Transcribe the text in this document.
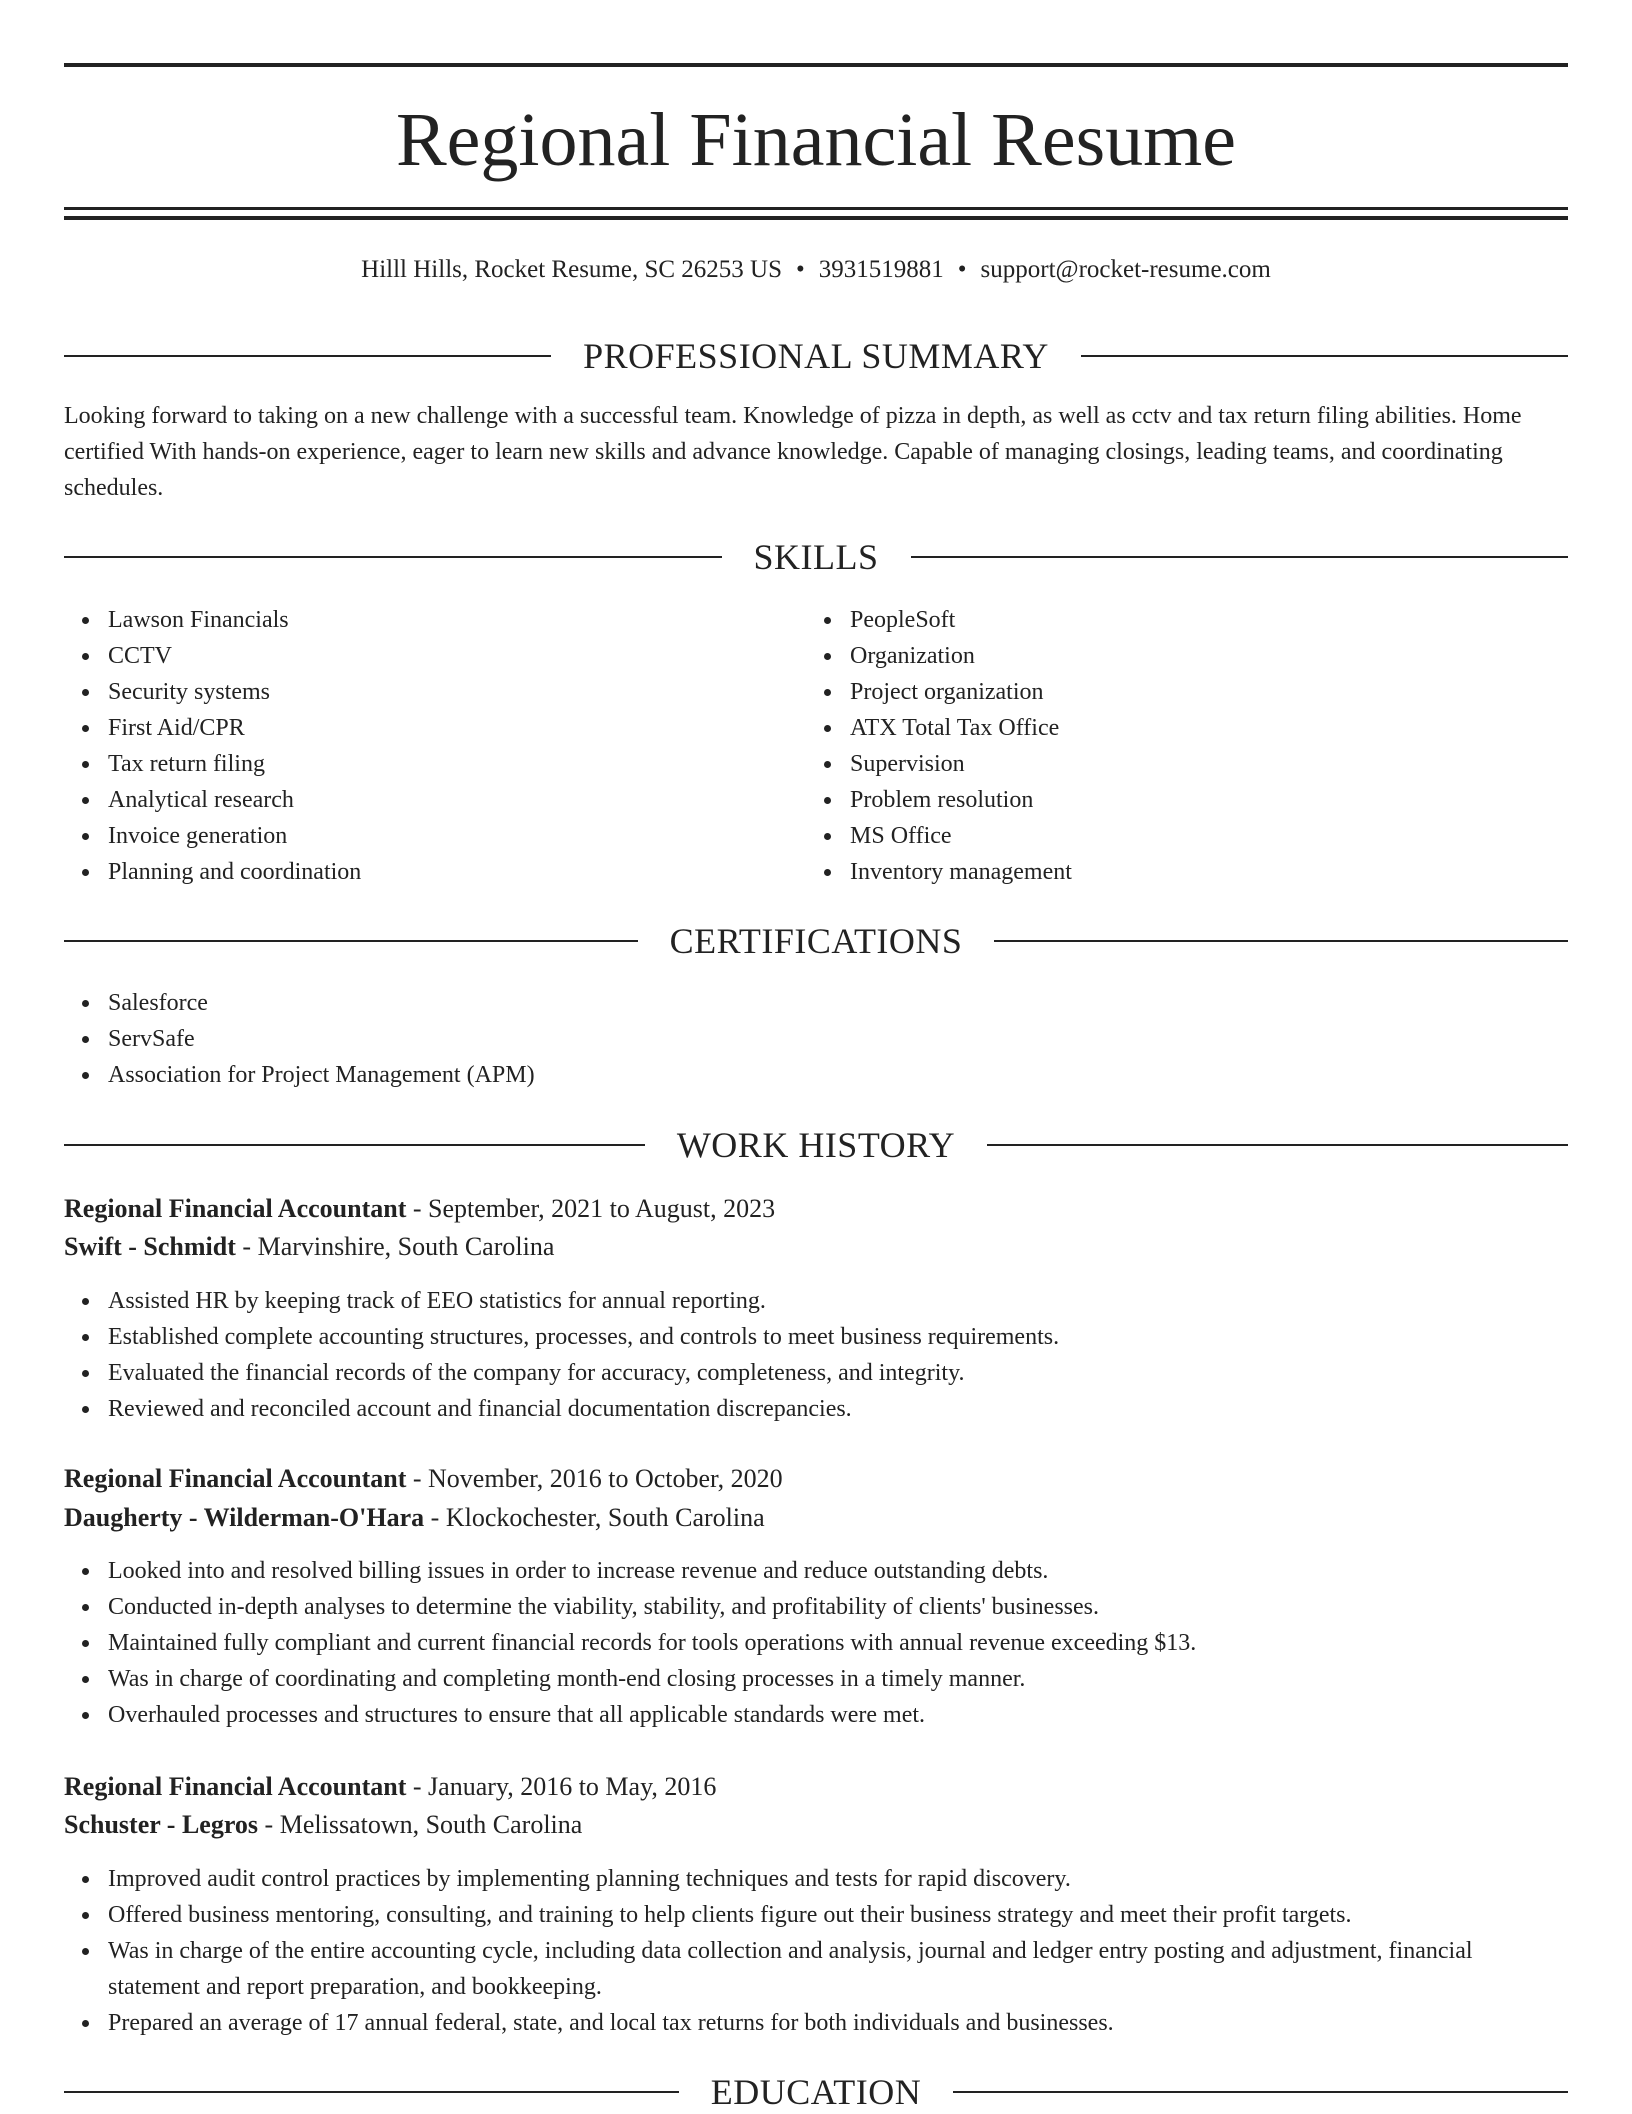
Regional Financial Resume
Hilll Hills, Rocket Resume, SC 26253 US • 3931519881 • support@rocket-resume.com
PROFESSIONAL SUMMARY

Looking forward to taking on a new challenge with a successful team. Knowledge of pizza in depth, as well as cctv and tax return filing abilities. Home certified With hands-on experience, eager to learn new skills and advance knowledge. Capable of managing closings, leading teams, and coordinating schedules.

SKILLS
Lawson Financials
CCTV
Security systems
First Aid/CPR
Tax return filing
Analytical research
Invoice generation
Planning and coordination
PeopleSoft
Organization
Project organization
ATX Total Tax Office
Supervision
Problem resolution
MS Office
Inventory management
CERTIFICATIONS
Salesforce
ServSafe
Association for Project Management (APM)
WORK HISTORY
Regional Financial Accountant - September, 2021 to August, 2023
Swift - Schmidt - Marvinshire, South Carolina
Assisted HR by keeping track of EEO statistics for annual reporting.
Established complete accounting structures, processes, and controls to meet business requirements.
Evaluated the financial records of the company for accuracy, completeness, and integrity.
Reviewed and reconciled account and financial documentation discrepancies.
Regional Financial Accountant - November, 2016 to October, 2020
Daugherty - Wilderman-O'Hara - Klockochester, South Carolina
Looked into and resolved billing issues in order to increase revenue and reduce outstanding debts.
Conducted in-depth analyses to determine the viability, stability, and profitability of clients' businesses.
Maintained fully compliant and current financial records for tools operations with annual revenue exceeding $13.
Was in charge of coordinating and completing month-end closing processes in a timely manner.
Overhauled processes and structures to ensure that all applicable standards were met.
Regional Financial Accountant - January, 2016 to May, 2016
Schuster - Legros - Melissatown, South Carolina
Improved audit control practices by implementing planning techniques and tests for rapid discovery.
Offered business mentoring, consulting, and training to help clients figure out their business strategy and meet their profit targets.
Was in charge of the entire accounting cycle, including data collection and analysis, journal and ledger entry posting and adjustment, financial statement and report preparation, and bookkeeping.
Prepared an average of 17 annual federal, state, and local tax returns for both individuals and businesses.
EDUCATION
